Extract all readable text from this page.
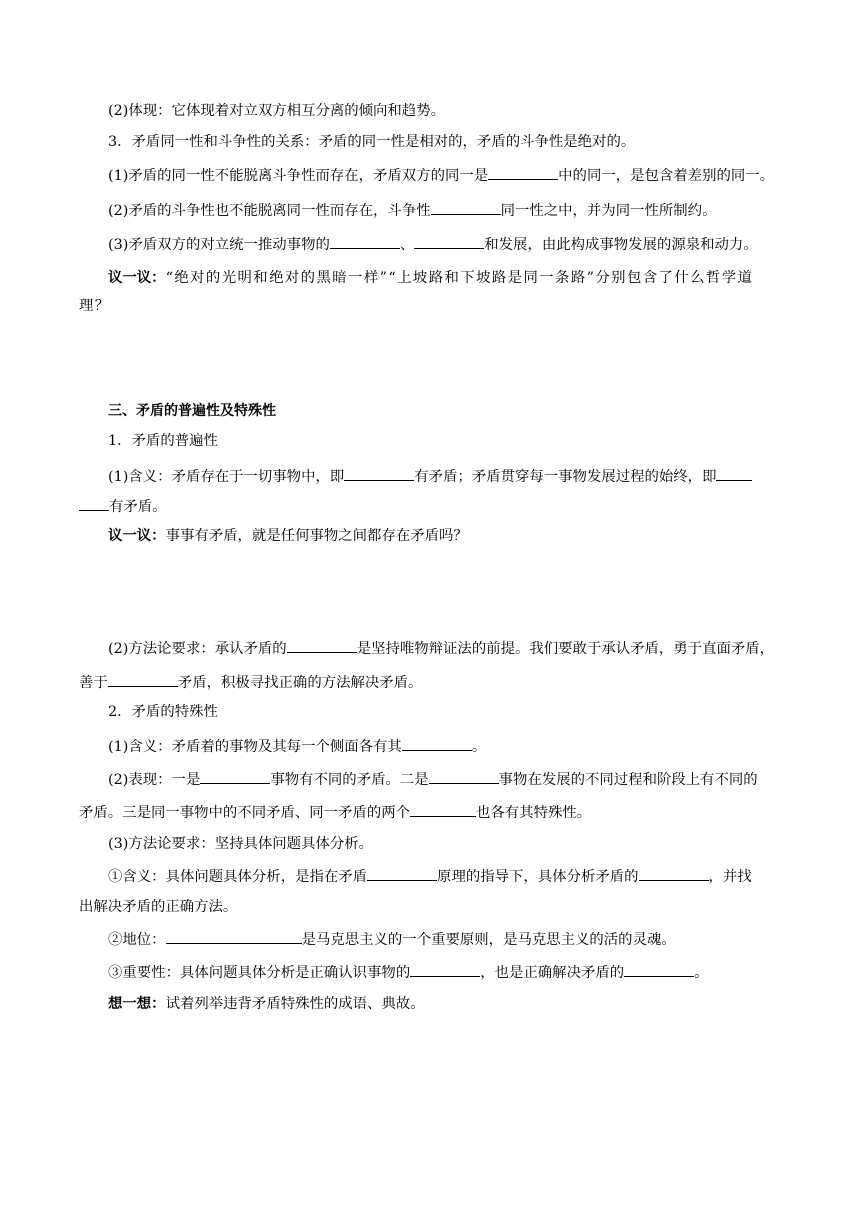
(2)体现：它体现着对立双方相互分离的倾向和趋势。
3．矛盾同一性和斗争性的关系：矛盾的同一性是相对的，矛盾的斗争性是绝对的。
(1)矛盾的同一性不能脱离斗争性而存在，矛盾双方的同一是	中的同一，是包含着差别的同一。
(2)矛盾的斗争性也不能脱离同一性而存在，斗争性	同一性之中，并为同一性所制约。
(3)矛盾双方的对立统一推动事物的	、	和发展，由此构成事物发展的源泉和动力。
议一议：“绝对的光明和绝对的黑暗一样”“上坡路和下坡路是同一条路”分别包含了什么哲学道
理？
三、矛盾的普遍性及特殊性
1．矛盾的普遍性
(1)含义：矛盾存在于一切事物中，即	有矛盾；矛盾贯穿每一事物发展过程的始终，即
有矛盾。
议一议：事事有矛盾，就是任何事物之间都存在矛盾吗？
(2)方法论要求：承认矛盾的	是坚持唯物辩证法的前提。我们要敢于承认矛盾，勇于直面矛盾，
善于	矛盾，积极寻找正确的方法解决矛盾。
2．矛盾的特殊性
(1)含义：矛盾着的事物及其每一个侧面各有其	。
(2)表现：一是	事物有不同的矛盾。二是	事物在发展的不同过程和阶段上有不同的
矛盾。三是同一事物中的不同矛盾、同一矛盾的两个	也各有其特殊性。
(3)方法论要求：坚持具体问题具体分析。
①含义：具体问题具体分析，是指在矛盾	原理的指导下，具体分析矛盾的	，并找
出解决矛盾的正确方法。
②地位：	是马克思主义的一个重要原则，是马克思主义的活的灵魂。
③重要性：具体问题具体分析是正确认识事物的	，也是正确解决矛盾的	。
想一想：试着列举违背矛盾特殊性的成语、典故。
